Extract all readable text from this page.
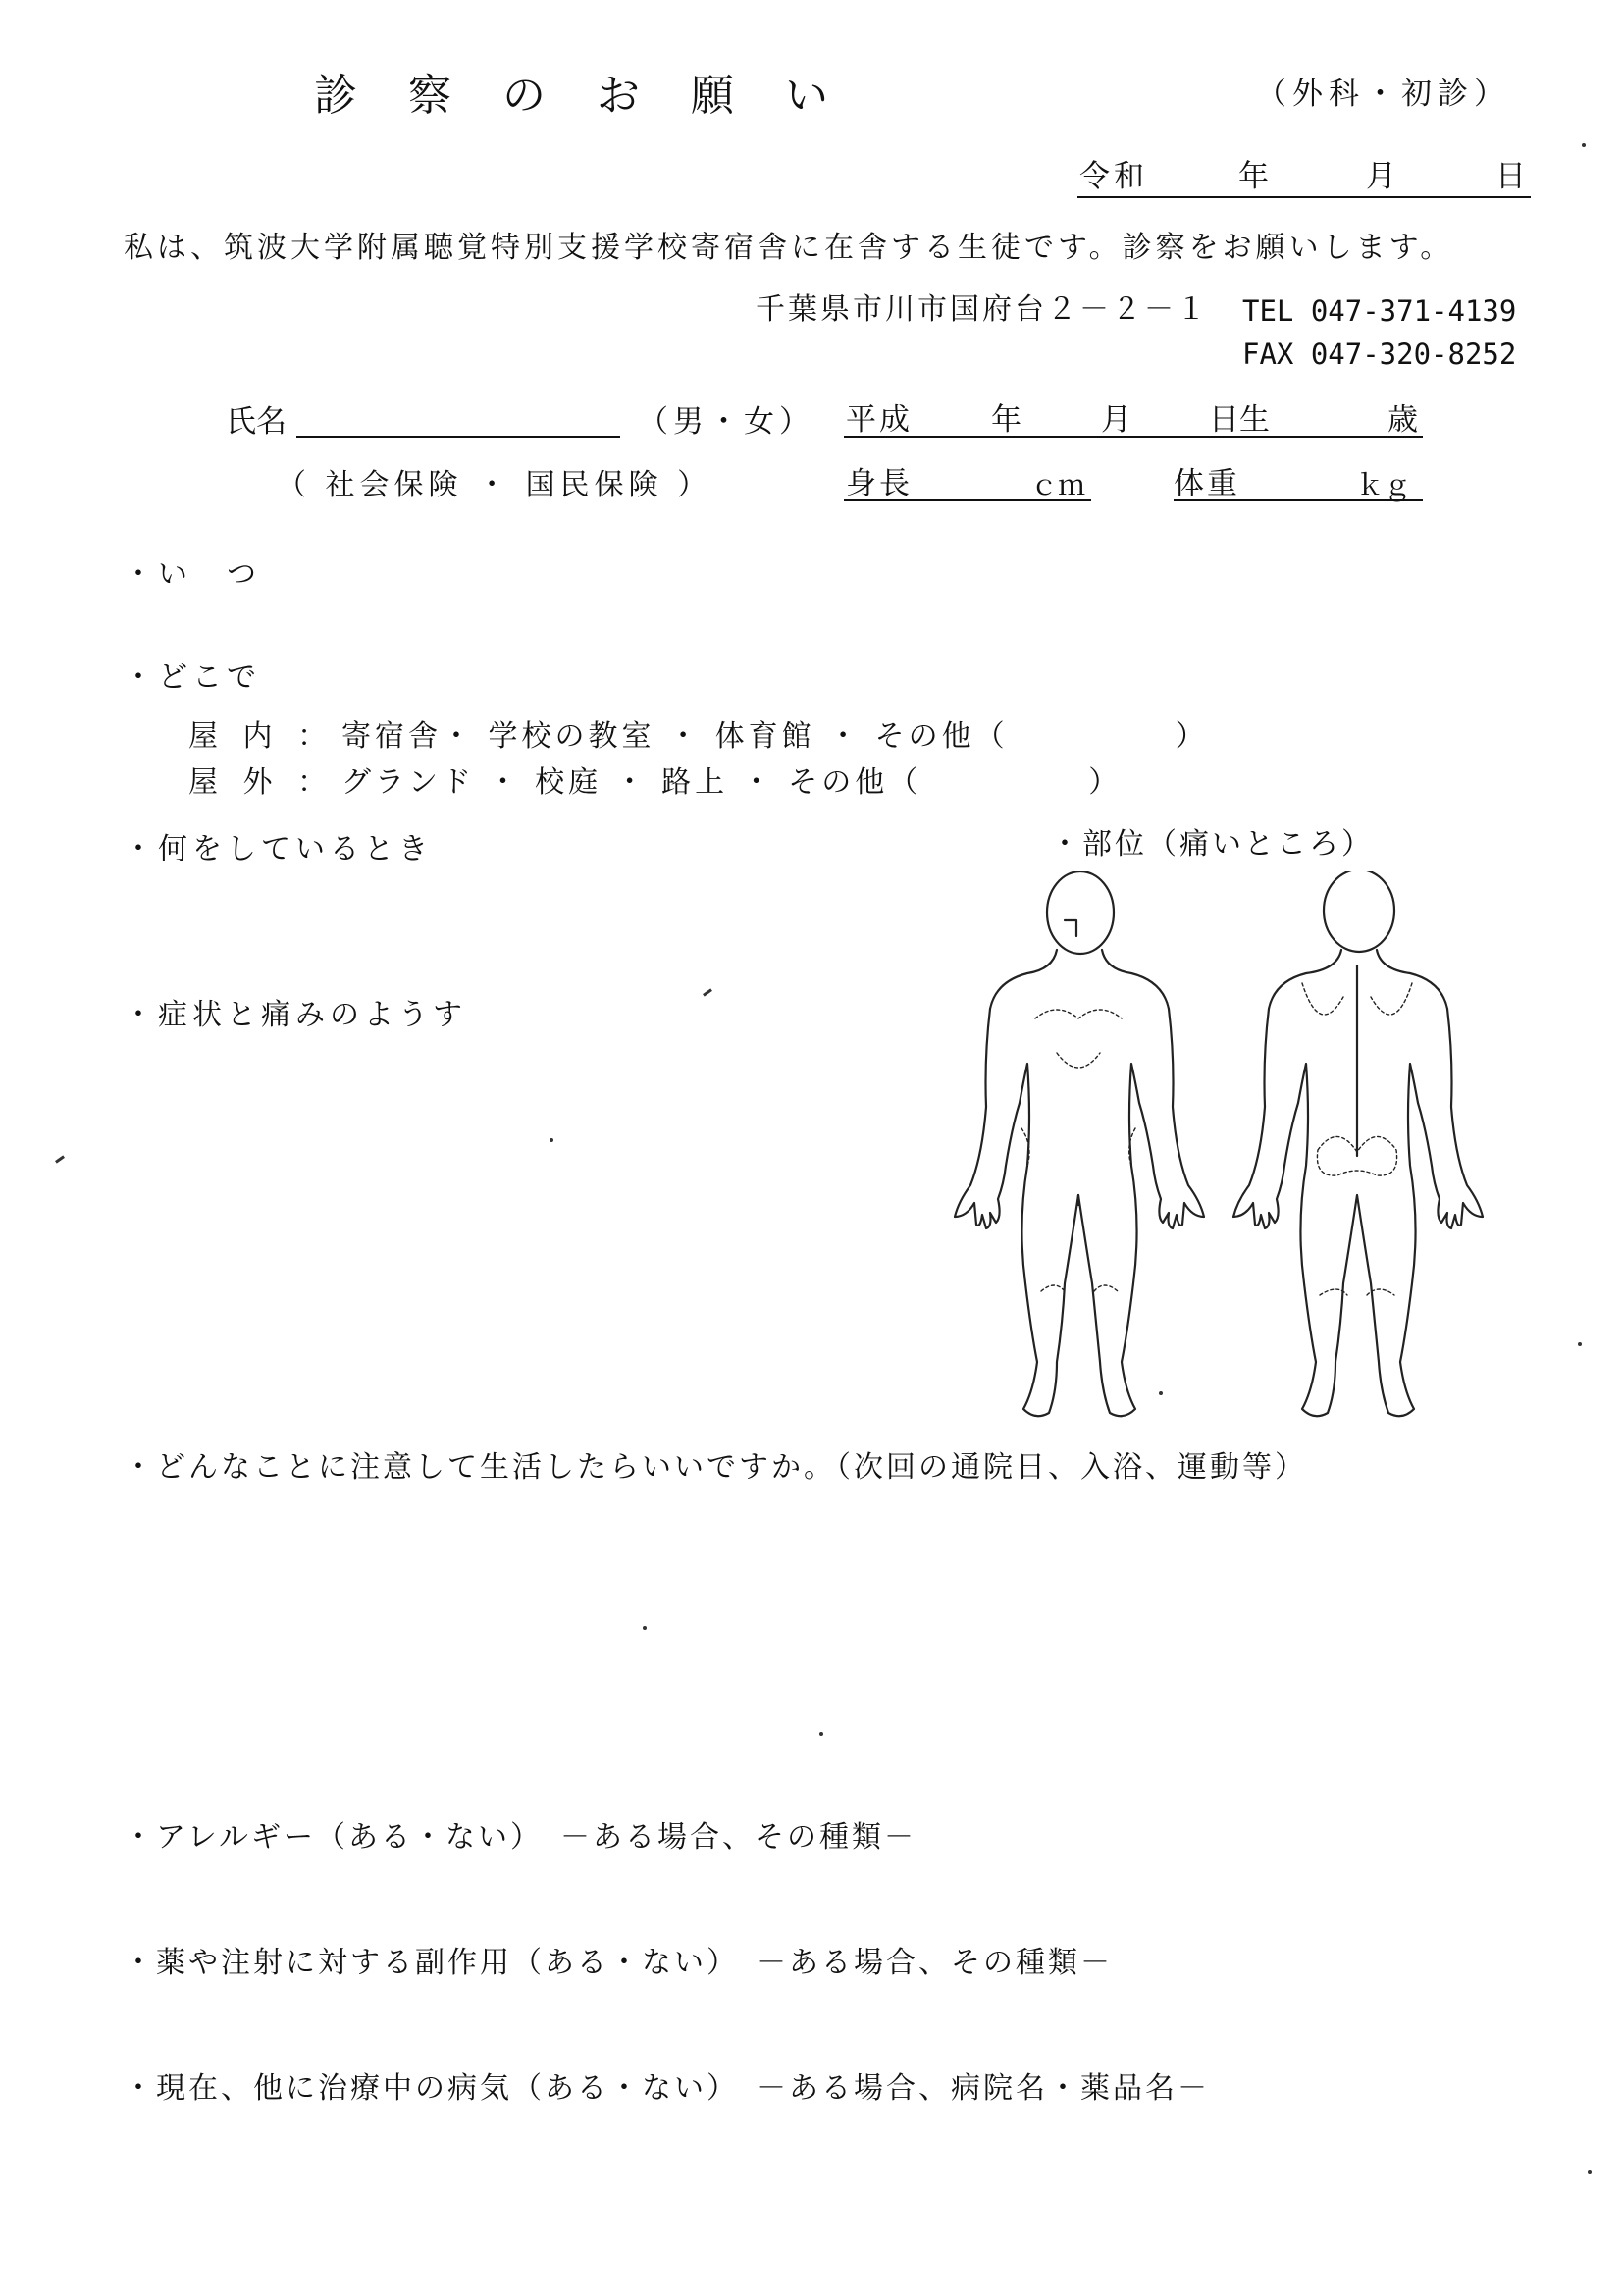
診察のお願い	（外科・初診）
令和	年	月	日
私は、筑波大学附属聴覚特別支援学校寄宿舎に在舎する生徒です。診察をお願いします。
千葉県市川市国府台２－２－１ TEL 047-371-4139
FAX 047-320-8252
氏名	（男・女） 平成	年	月	日生	歳
（ 社会保険 ・ 国民保険 ）	身長	ｃｍ	体重	ｋｇ
・い　つ
・どこで
屋 内 ： 寄宿舎・ 学校の教室 ・ 体育館 ・ その他（　　　　　）
屋 外 ： グランド ・ 校庭 ・ 路上 ・ その他（　　　　　）
・何をしているとき	・部位（痛いところ）
・症状と痛みのようす
・どんなことに注意して生活したらいいですか。（次回の通院日、入浴、運動等）
・アレルギー（ある・ない）　－ある場合、その種類－
・薬や注射に対する副作用（ある・ない）　－ある場合、その種類－
・現在、他に治療中の病気（ある・ない）　－ある場合、病院名・薬品名－
